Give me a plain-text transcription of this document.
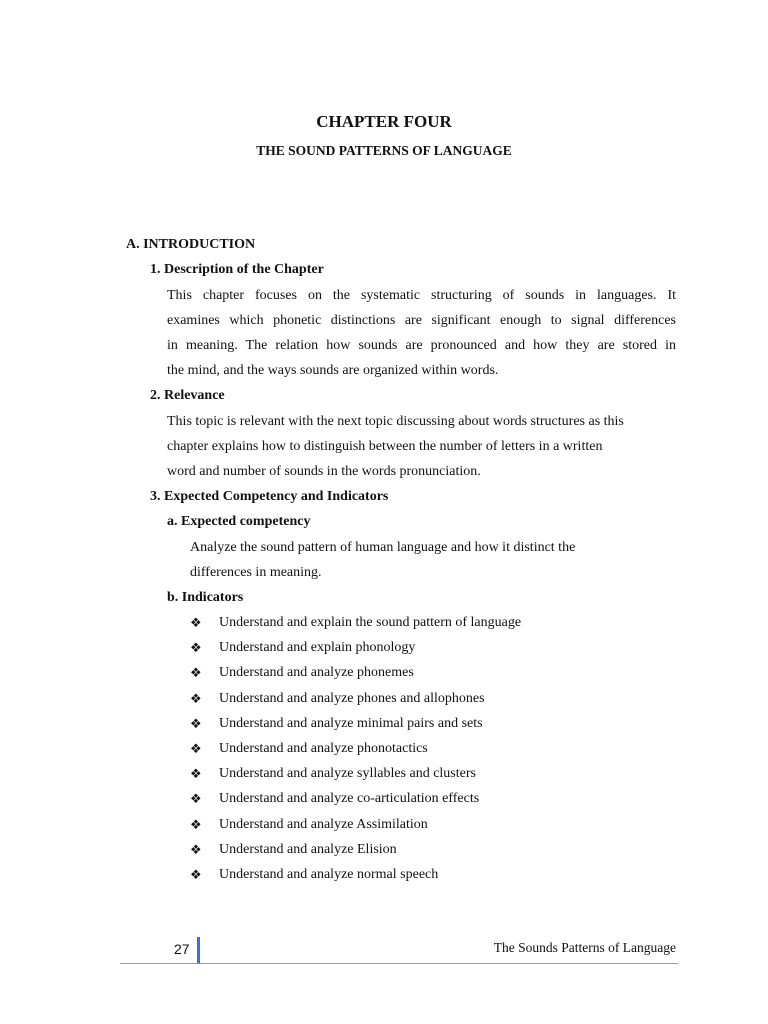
CHAPTER FOUR
THE SOUND PATTERNS OF LANGUAGE
A. INTRODUCTION
1. Description of the Chapter
This chapter focuses on the systematic structuring of sounds in languages. It
examines which phonetic distinctions are significant enough to signal differences
in meaning. The relation how sounds are pronounced and how they are stored in
the mind, and the ways sounds are organized within words.
2. Relevance
This topic is relevant with the next topic discussing about words structures as this
chapter explains how to distinguish between the number of letters in a written
word and number of sounds in the words pronunciation.
3. Expected Competency and Indicators
a. Expected competency
Analyze the sound pattern of human language and how it distinct the
differences in meaning.
b. Indicators
❖	Understand and explain the sound pattern of language
❖	Understand and explain phonology
❖	Understand and analyze phonemes
❖	Understand and analyze phones and allophones
❖	Understand and analyze minimal pairs and sets
❖	Understand and analyze phonotactics
❖	Understand and analyze syllables and clusters
❖	Understand and analyze co-articulation effects
❖	Understand and analyze Assimilation
❖	Understand and analyze Elision
❖	Understand and analyze normal speech
27	The Sounds Patterns of Language
